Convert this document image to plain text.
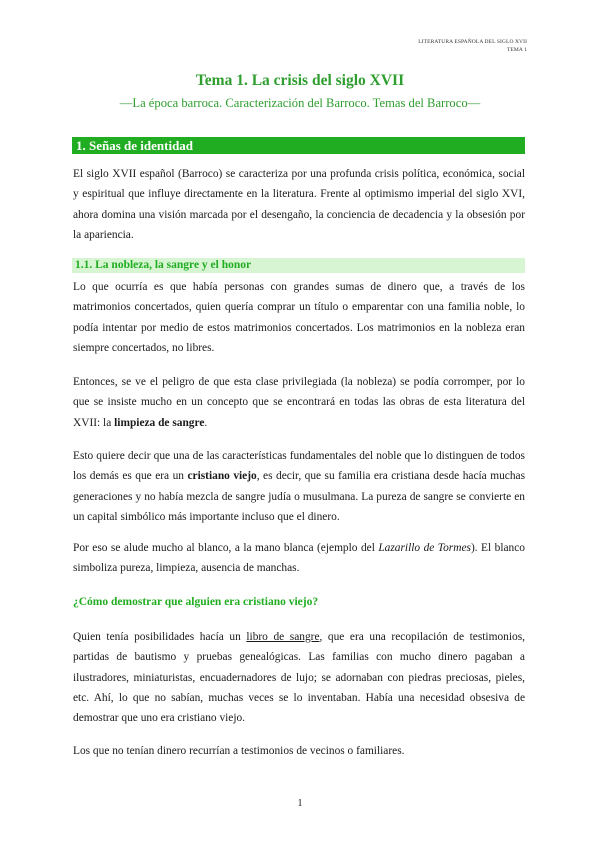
LITERATURA ESPAÑOLA DEL SIGLO XVII
TEMA 1
Tema 1. La crisis del siglo XVII
—La época barroca. Caracterización del Barroco. Temas del Barroco—
1. Señas de identidad

El siglo XVII español (Barroco) se caracteriza por una profunda crisis política, económica, social y espiritual que influye directamente en la literatura. Frente al optimismo imperial del siglo XVI, ahora domina una visión marcada por el desengaño, la conciencia de decadencia y la obsesión por la apariencia.

1.1. La nobleza, la sangre y el honor

Lo que ocurría es que había personas con grandes sumas de dinero que, a través de los matrimonios concertados, quien quería comprar un título o emparentar con una familia noble, lo podía intentar por medio de estos matrimonios concertados. Los matrimonios en la nobleza eran siempre concertados, no libres.

Entonces, se ve el peligro de que esta clase privilegiada (la nobleza) se podía corromper, por lo que se insiste mucho en un concepto que se encontrará en todas las obras de esta literatura del XVII: la limpieza de sangre.

Esto quiere decir que una de las características fundamentales del noble que lo distinguen de todos los demás es que era un cristiano viejo, es decir, que su familia era cristiana desde hacía muchas generaciones y no había mezcla de sangre judía o musulmana. La pureza de sangre se convierte en un capital simbólico más importante incluso que el dinero.

Por eso se alude mucho al blanco, a la mano blanca (ejemplo del Lazarillo de Tormes). El blanco simboliza pureza, limpieza, ausencia de manchas.

¿Cómo demostrar que alguien era cristiano viejo?

Quien tenía posibilidades hacía un libro de sangre, que era una recopilación de testimonios, partidas de bautismo y pruebas genealógicas. Las familias con mucho dinero pagaban a ilustradores, miniaturistas, encuadernadores de lujo; se adornaban con piedras preciosas, pieles, etc. Ahí, lo que no sabían, muchas veces se lo inventaban. Había una necesidad obsesiva de demostrar que uno era cristiano viejo.

Los que no tenían dinero recurrían a testimonios de vecinos o familiares.

1
